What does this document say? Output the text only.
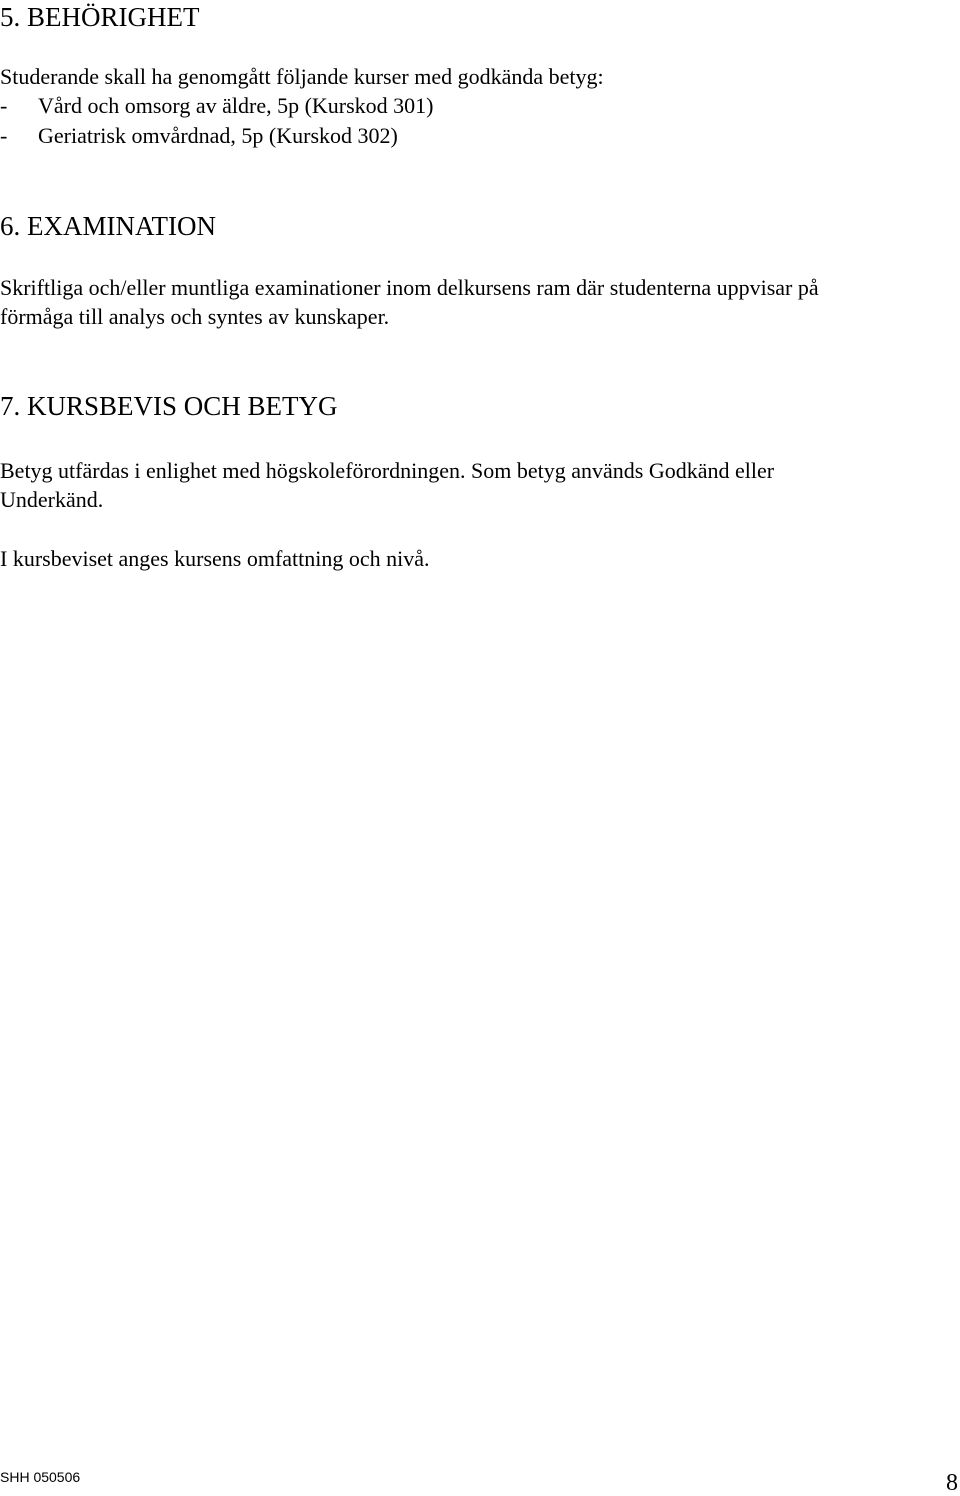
5. BEHÖRIGHET

Studerande skall ha genomgått följande kurser med godkända betyg:

- Vård och omsorg av äldre, 5p (Kurskod 301)
- Geriatrisk omvårdnad, 5p (Kurskod 302)
6. EXAMINATION

Skriftliga och/eller muntliga examinationer inom delkursens ram där studenterna uppvisar på

förmåga till analys och syntes av kunskaper.

7. KURSBEVIS OCH BETYG

Betyg utfärdas i enlighet med högskoleförordningen. Som betyg används Godkänd eller

Underkänd.

I kursbeviset anges kursens omfattning och nivå.

SHH 050506	8
